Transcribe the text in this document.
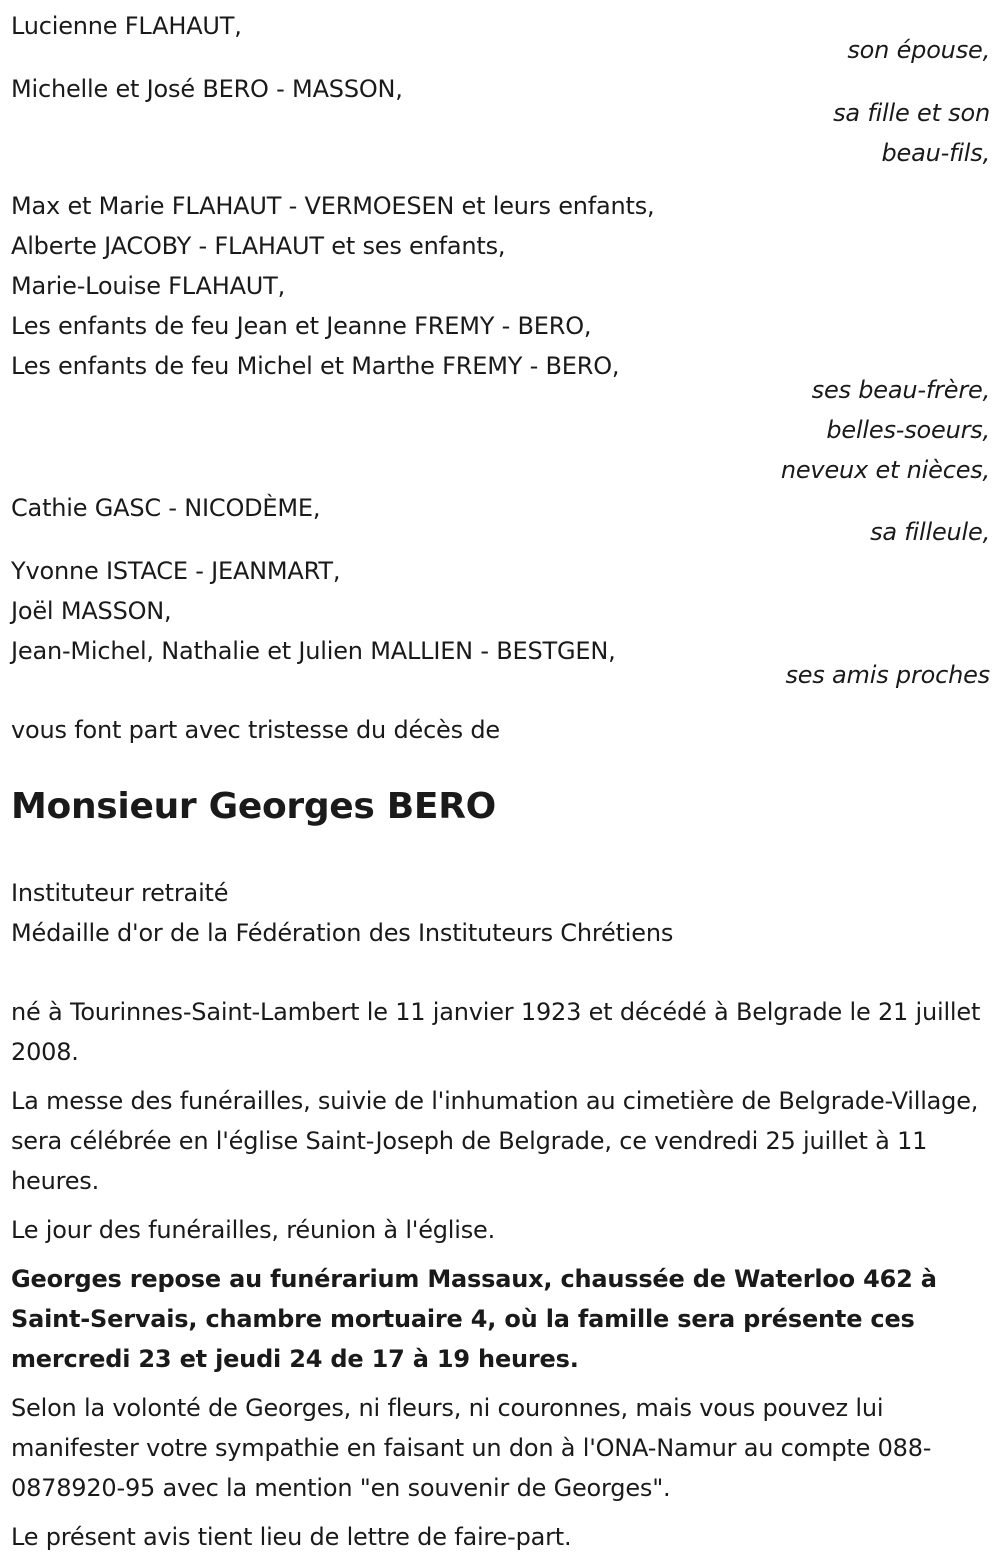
Lucienne FLAHAUT,
son épouse,
Michelle et José BERO - MASSON,
sa fille et son
beau-fils,
Max et Marie FLAHAUT - VERMOESEN et leurs enfants,
Alberte JACOBY - FLAHAUT et ses enfants,
Marie-Louise FLAHAUT,
Les enfants de feu Jean et Jeanne FREMY - BERO,
Les enfants de feu Michel et Marthe FREMY - BERO,
ses beau-frère,
belles-soeurs,
neveux et nièces,
Cathie GASC - NICODÈME,
sa filleule,
Yvonne ISTACE - JEANMART,
Joël MASSON,
Jean-Michel, Nathalie et Julien MALLIEN - BESTGEN,
ses amis proches
vous font part avec tristesse du décès de
Monsieur Georges BERO
Instituteur retraité
Médaille d'or de la Fédération des Instituteurs Chrétiens
né à Tourinnes-Saint-Lambert le 11 janvier 1923 et décédé à Belgrade le 21 juillet 2008.
La messe des funérailles, suivie de l'inhumation au cimetière de Belgrade-Village, sera célébrée en l'église Saint-Joseph de Belgrade, ce vendredi 25 juillet à 11 heures.
Le jour des funérailles, réunion à l'église.
Georges repose au funérarium Massaux, chaussée de Waterloo 462 à Saint-Servais, chambre mortuaire 4, où la famille sera présente ces mercredi 23 et jeudi 24 de 17 à 19 heures.
Selon la volonté de Georges, ni fleurs, ni couronnes, mais vous pouvez lui manifester votre sympathie en faisant un don à l'ONA-Namur au compte 088-0878920-95 avec la mention "en souvenir de Georges".
Le présent avis tient lieu de lettre de faire-part.
